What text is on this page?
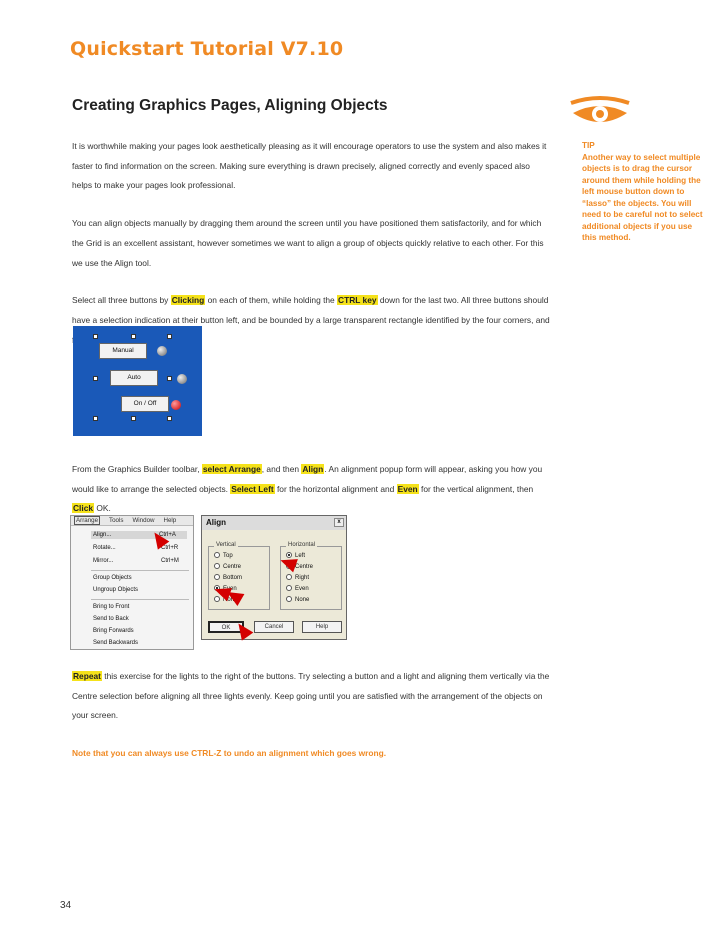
Quickstart Tutorial V7.10
Creating Graphics Pages, Aligning Objects
TIP
Another way to select multiple objects is to drag the cursor around them while holding the left mouse button down to “lasso” the objects. You will need to be careful not to select additional objects if you use this method.

It is worthwhile making your pages look aesthetically pleasing as it will encourage operators to use the system and also makes it faster to find information on the screen. Making sure everything is drawn precisely, aligned correctly and evenly spaced also helps to make your pages look professional.

You can align objects manually by dragging them around the screen until you have positioned them satisfactorily, and for which the Grid is an excellent assistant, however sometimes we want to align a group of objects quickly relative to each other. For this we use the Align tool.

Select all three buttons by Clicking on each of them, while holding the CTRL key down for the last two. All three buttons should have a selection indication at their button left, and be bounded by a large transparent rectangle identified by the four corners, and

Manual
Auto
On / Off

From the Graphics Builder toolbar, select Arrange, and then Align. An alignment popup form will appear, asking you how you would like to arrange the selected objects. Select Left for the horizontal alignment and Even for the vertical alignment, then Click OK.

Arrange	Tools Window Help
Align...	Ctrl+A
Rotate...	Ctrl+R
Mirror...	Ctrl+M
Group Objects
Ungroup Objects
Bring to Front
Send to Back
Bring Forwards
Send Backwards
Align	x
Vertical
Top
Centre
Bottom
Even
None
Horizontal
Left
Centre
Right
Even
None
OK	Cancel	Help

Repeat this exercise for the lights to the right of the buttons. Try selecting a button and a light and aligning them vertically via the Centre selection before aligning all three lights evenly. Keep going until you are satisfied with the arrangement of the objects on your screen.

Note that you can always use CTRL-Z to undo an alignment which goes wrong.

34
